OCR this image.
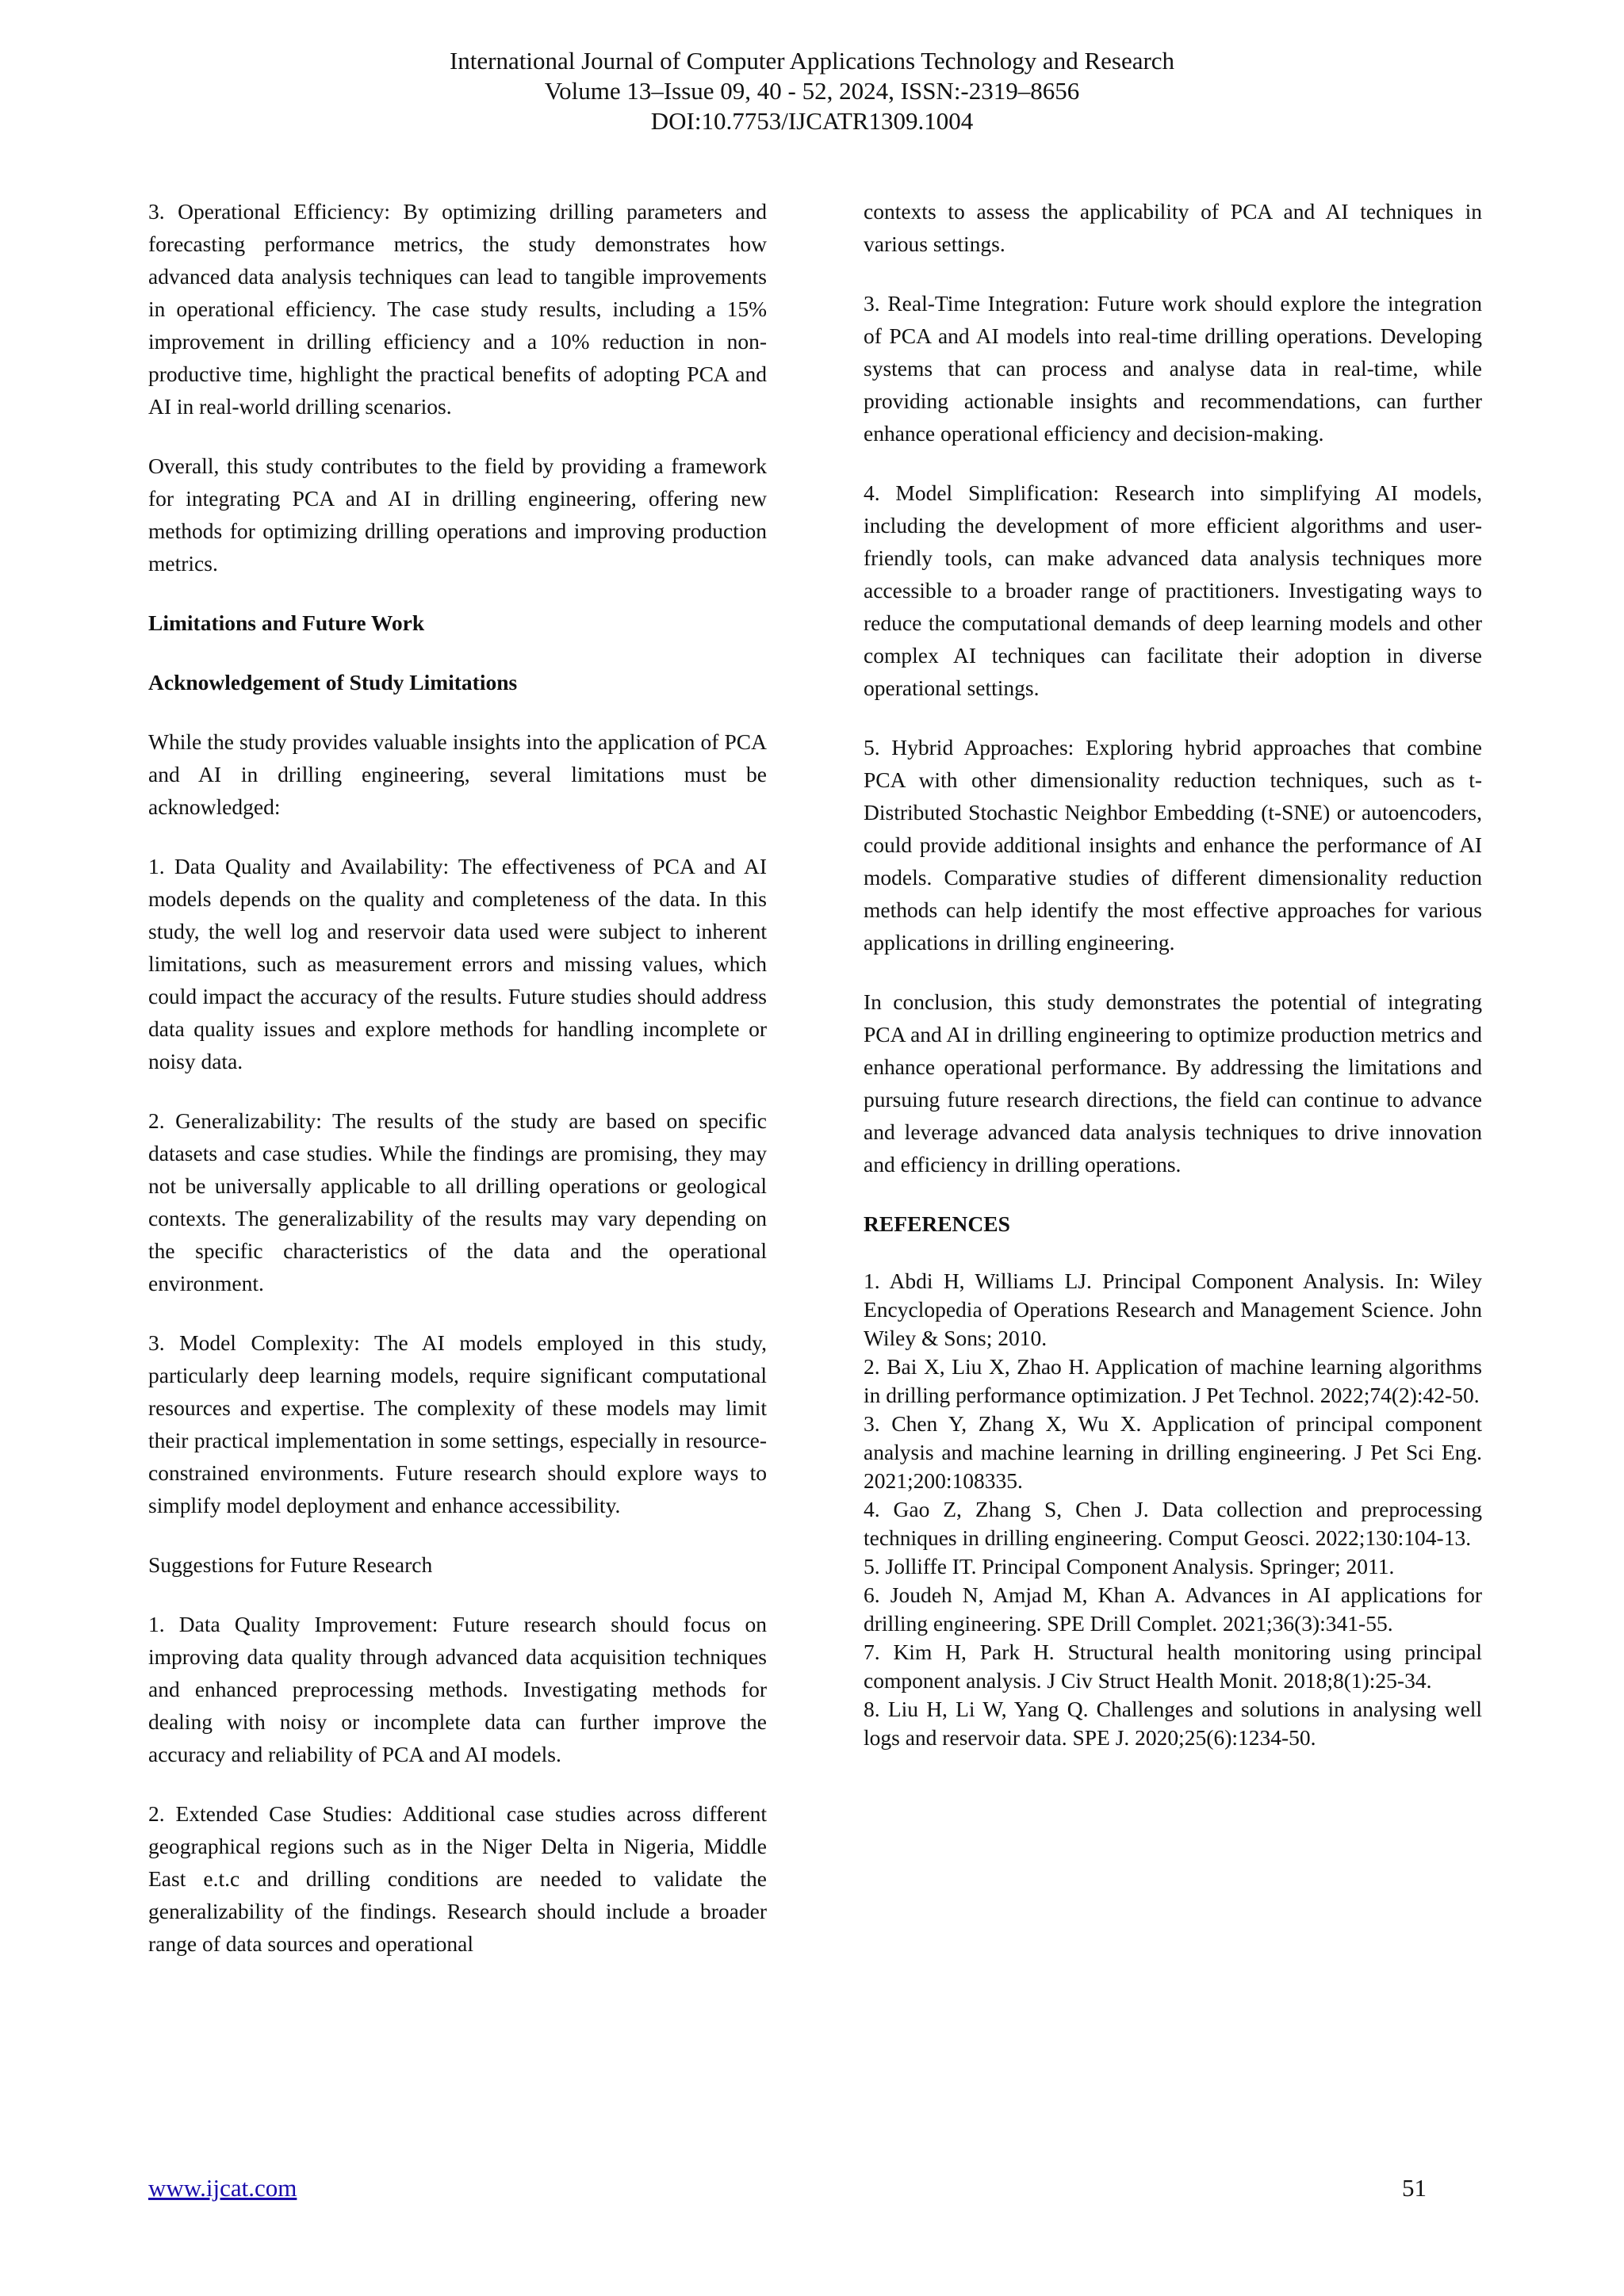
International Journal of Computer Applications Technology and Research
Volume 13–Issue 09, 40 - 52, 2024, ISSN:-2319–8656
DOI:10.7753/IJCATR1309.1004

3. Operational Efficiency: By optimizing drilling parameters and forecasting performance metrics, the study demonstrates how advanced data analysis techniques can lead to tangible improvements in operational efficiency. The case study results, including a 15% improvement in drilling efficiency and a 10% reduction in non-productive time, highlight the practical benefits of adopting PCA and AI in real-world drilling scenarios.

Overall, this study contributes to the field by providing a framework for integrating PCA and AI in drilling engineering, offering new methods for optimizing drilling operations and improving production metrics.

Limitations and Future Work

Acknowledgement of Study Limitations

While the study provides valuable insights into the application of PCA and AI in drilling engineering, several limitations must be acknowledged:

1. Data Quality and Availability: The effectiveness of PCA and AI models depends on the quality and completeness of the data. In this study, the well log and reservoir data used were subject to inherent limitations, such as measurement errors and missing values, which could impact the accuracy of the results. Future studies should address data quality issues and explore methods for handling incomplete or noisy data.

2. Generalizability: The results of the study are based on specific datasets and case studies. While the findings are promising, they may not be universally applicable to all drilling operations or geological contexts. The generalizability of the results may vary depending on the specific characteristics of the data and the operational environment.

3. Model Complexity: The AI models employed in this study, particularly deep learning models, require significant computational resources and expertise. The complexity of these models may limit their practical implementation in some settings, especially in resource-constrained environments. Future research should explore ways to simplify model deployment and enhance accessibility.

Suggestions for Future Research

1. Data Quality Improvement: Future research should focus on improving data quality through advanced data acquisition techniques and enhanced preprocessing methods. Investigating methods for dealing with noisy or incomplete data can further improve the accuracy and reliability of PCA and AI models.

2. Extended Case Studies: Additional case studies across different geographical regions such as in the Niger Delta in Nigeria, Middle East e.t.c and drilling conditions are needed to validate the generalizability of the findings. Research should include a broader range of data sources and operational

contexts to assess the applicability of PCA and AI techniques in various settings.

3. Real-Time Integration: Future work should explore the integration of PCA and AI models into real-time drilling operations. Developing systems that can process and analyse data in real-time, while providing actionable insights and recommendations, can further enhance operational efficiency and decision-making.

4. Model Simplification: Research into simplifying AI models, including the development of more efficient algorithms and user-friendly tools, can make advanced data analysis techniques more accessible to a broader range of practitioners. Investigating ways to reduce the computational demands of deep learning models and other complex AI techniques can facilitate their adoption in diverse operational settings.

5. Hybrid Approaches: Exploring hybrid approaches that combine PCA with other dimensionality reduction techniques, such as t-Distributed Stochastic Neighbor Embedding (t-SNE) or autoencoders, could provide additional insights and enhance the performance of AI models. Comparative studies of different dimensionality reduction methods can help identify the most effective approaches for various applications in drilling engineering.

In conclusion, this study demonstrates the potential of integrating PCA and AI in drilling engineering to optimize production metrics and enhance operational performance. By addressing the limitations and pursuing future research directions, the field can continue to advance and leverage advanced data analysis techniques to drive innovation and efficiency in drilling operations.

REFERENCES

1. Abdi H, Williams LJ. Principal Component Analysis. In: Wiley Encyclopedia of Operations Research and Management Science. John Wiley & Sons; 2010.

2. Bai X, Liu X, Zhao H. Application of machine learning algorithms in drilling performance optimization. J Pet Technol. 2022;74(2):42-50.

3. Chen Y, Zhang X, Wu X. Application of principal component analysis and machine learning in drilling engineering. J Pet Sci Eng. 2021;200:108335.

4. Gao Z, Zhang S, Chen J. Data collection and preprocessing techniques in drilling engineering. Comput Geosci. 2022;130:104-13.

5. Jolliffe IT. Principal Component Analysis. Springer; 2011.

6. Joudeh N, Amjad M, Khan A. Advances in AI applications for drilling engineering. SPE Drill Complet. 2021;36(3):341-55.

7. Kim H, Park H. Structural health monitoring using principal component analysis. J Civ Struct Health Monit. 2018;8(1):25-34.

8. Liu H, Li W, Yang Q. Challenges and solutions in analysing well logs and reservoir data. SPE J. 2020;25(6):1234-50.

www.ijcat.com	51
